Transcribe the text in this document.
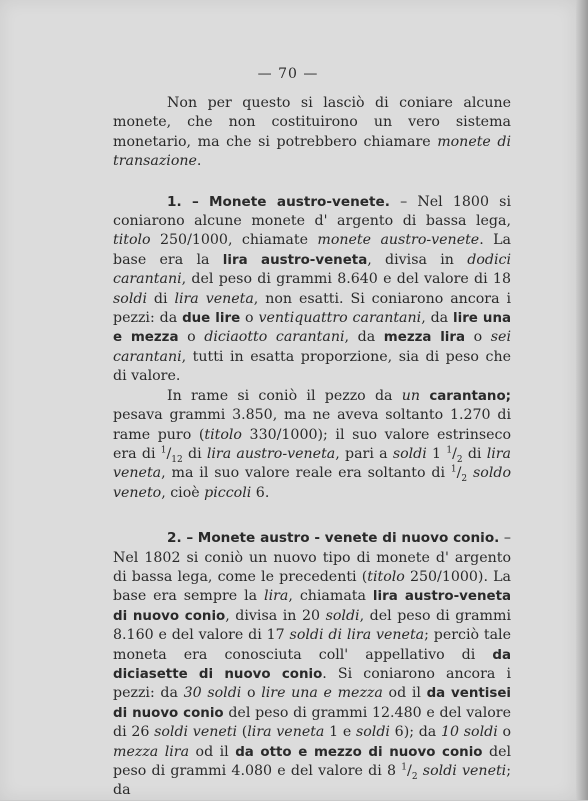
— 70 —

Non per questo si lasciò di coniare alcune monete, che non costituirono un vero sistema monetario, ma che si potrebbero chiamare monete di transazione.

1. – Monete austro-venete. – Nel 1800 si coniarono alcune monete d' argento di bassa lega, titolo 250/1000, chiamate monete austro-venete. La base era la lira austro-veneta, divisa in dodici carantani, del peso di grammi 8.640 e del valore di 18 soldi di lira veneta, non esatti. Si coniarono ancora i pezzi: da due lire o ventiquattro carantani, da lire una e mezza o diciaotto carantani, da mezza lira o sei carantani, tutti in esatta proporzione, sia di peso che di valore.

In rame si coniò il pezzo da un carantano; pesava grammi 3.850, ma ne aveva soltanto 1.270 di rame puro (titolo 330/1000); il suo valore estrinseco era di $^1/_{12}$ di lira austro-veneta, pari a soldi 1 $^1/_2$ di lira veneta, ma il suo valore reale era soltanto di $^1/_2$ soldo veneto, cioè piccoli 6.

2. – Monete austro - venete di nuovo conio. – Nel 1802 si coniò un nuovo tipo di monete d' argento di bassa lega, come le precedenti (titolo 250/1000). La base era sempre la lira, chiamata lira austro-veneta di nuovo conio, divisa in 20 soldi, del peso di grammi 8.160 e del valore di 17 soldi di lira veneta; perciò tale moneta era conosciuta coll' appellativo di da diciasette di nuovo conio. Si coniarono ancora i pezzi: da 30 soldi o lire una e mezza od il da ventisei di nuovo conio del peso di grammi 12.480 e del valore di 26 soldi veneti (lira veneta 1 e soldi 6); da 10 soldi o mezza lira od il da otto e mezzo di nuovo conio del peso di grammi 4.080 e del valore di 8 $^1/_2$ soldi veneti; da
